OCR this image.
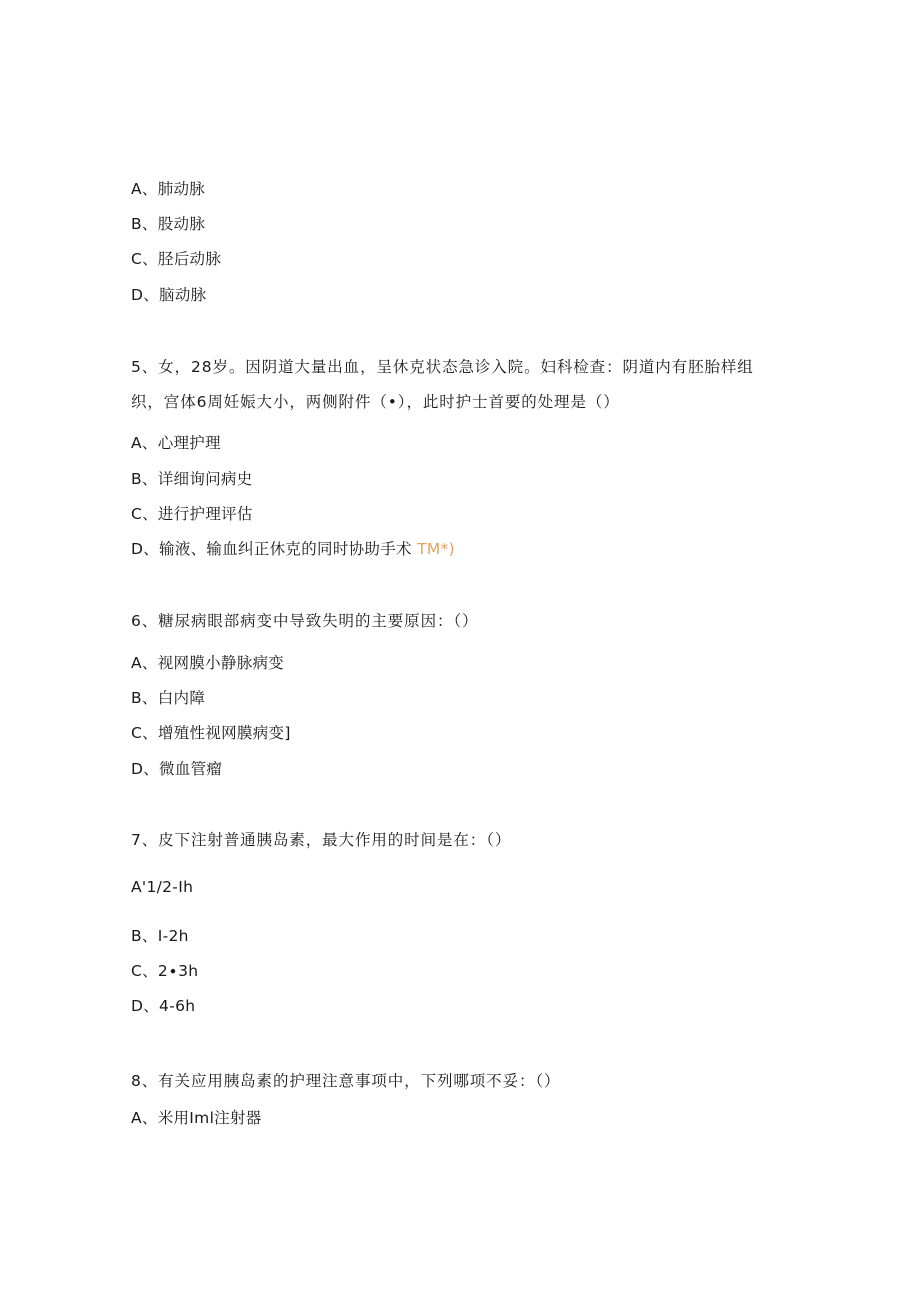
A、肺动脉
B、股动脉
C、胫后动脉
D、脑动脉
5、女，28岁。因阴道大量出血，呈休克状态急诊入院。妇科检查：阴道内有胚胎样组
织，宫体6周妊娠大小，两侧附件（•），此时护士首要的处理是（）
A、心理护理
B、详细询问病史
C、进行护理评估
D、输液、输血纠正休克的同时协助手术 TM*)
6、糖尿病眼部病变中导致失明的主要原因：（）
A、视网膜小静脉病变
B、白内障
C、增殖性视网膜病变]
D、微血管瘤
7、皮下注射普通胰岛素，最大作用的时间是在：（）
A'1/2-Ih
B、I-2h
C、2∙3h
D、4-6h
8、有关应用胰岛素的护理注意事项中，下列哪项不妥：（）
A、米用Iml注射器
